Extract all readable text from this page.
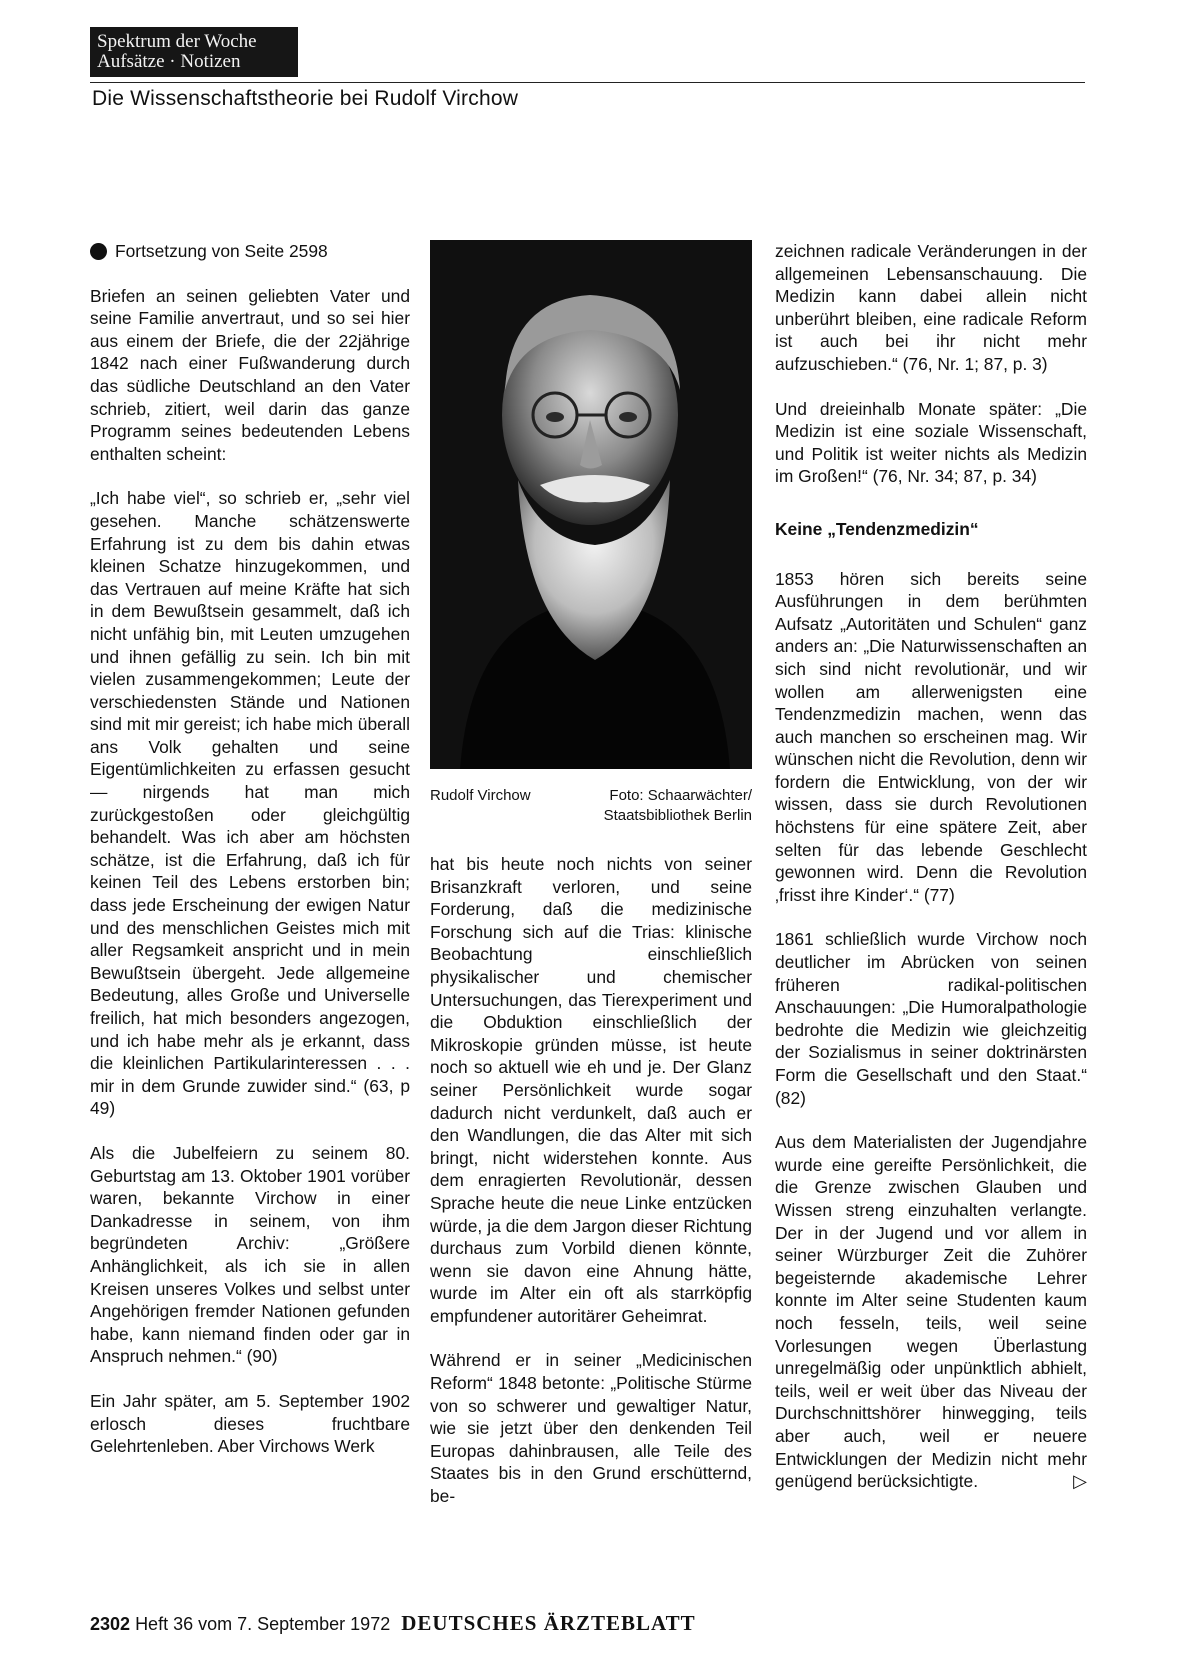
Spektrum der Woche
Aufsätze · Notizen
Die Wissenschaftstheorie bei Rudolf Virchow
Fortsetzung von Seite 2598

Briefen an seinen geliebten Vater und seine Familie anvertraut, und so sei hier aus einem der Briefe, die der 22jährige 1842 nach einer Fußwanderung durch das südliche Deutschland an den Vater schrieb, zitiert, weil darin das ganze Programm seines bedeutenden Lebens enthalten scheint:

„Ich habe viel“, so schrieb er, „sehr viel gesehen. Manche schätzenswerte Erfahrung ist zu dem bis dahin etwas kleinen Schatze hinzugekommen, und das Vertrauen auf meine Kräfte hat sich in dem Bewußtsein gesammelt, daß ich nicht unfähig bin, mit Leuten umzugehen und ihnen gefällig zu sein. Ich bin mit vielen zusammengekommen; Leute der verschiedensten Stände und Nationen sind mit mir gereist; ich habe mich überall ans Volk gehalten und seine Eigentümlichkeiten zu erfassen gesucht — nirgends hat man mich zurückgestoßen oder gleichgültig behandelt. Was ich aber am höchsten schätze, ist die Erfahrung, daß ich für keinen Teil des Lebens erstorben bin; dass jede Erscheinung der ewigen Natur und des menschlichen Geistes mich mit aller Regsamkeit anspricht und in mein Bewußtsein übergeht. Jede allgemeine Bedeutung, alles Große und Universelle freilich, hat mich besonders angezogen, und ich habe mehr als je erkannt, dass die kleinlichen Partikularinteressen . . . mir in dem Grunde zuwider sind.“ (63, p 49)

Als die Jubelfeiern zu seinem 80. Geburtstag am 13. Oktober 1901 vorüber waren, bekannte Virchow in einer Dankadresse in seinem, von ihm begründeten Archiv: „Größere Anhänglichkeit, als ich sie in allen Kreisen unseres Volkes und selbst unter Angehörigen fremder Nationen gefunden habe, kann niemand finden oder gar in Anspruch nehmen.“ (90)

Ein Jahr später, am 5. September 1902 erlosch dieses fruchtbare Gelehrtenleben. Aber Virchows Werk

Rudolf Virchow	Foto: Schaarwächter/
Staatsbibliothek Berlin

hat bis heute noch nichts von seiner Brisanzkraft verloren, und seine Forderung, daß die medizinische Forschung sich auf die Trias: klinische Beobachtung einschließlich physikalischer und chemischer Untersuchungen, das Tierexperiment und die Obduktion einschließlich der Mikroskopie gründen müsse, ist heute noch so aktuell wie eh und je. Der Glanz seiner Persönlichkeit wurde sogar dadurch nicht verdunkelt, daß auch er den Wandlungen, die das Alter mit sich bringt, nicht widerstehen konnte. Aus dem enragierten Revolutionär, dessen Sprache heute die neue Linke entzücken würde, ja die dem Jargon dieser Richtung durchaus zum Vorbild dienen könnte, wenn sie davon eine Ahnung hätte, wurde im Alter ein oft als starrköpfig empfundener autoritärer Geheimrat.

Während er in seiner „Medicinischen Reform“ 1848 betonte: „Politische Stürme von so schwerer und gewaltiger Natur, wie sie jetzt über den denkenden Teil Europas dahinbrausen, alle Teile des Staates bis in den Grund erschütternd, be-

zeichnen radicale Veränderungen in der allgemeinen Lebensanschauung. Die Medizin kann dabei allein nicht unberührt bleiben, eine radicale Reform ist auch bei ihr nicht mehr aufzuschieben.“ (76, Nr. 1; 87, p. 3)

Und dreieinhalb Monate später: „Die Medizin ist eine soziale Wissenschaft, und Politik ist weiter nichts als Medizin im Großen!“ (76, Nr. 34; 87, p. 34)

Keine „Tendenzmedizin“

1853 hören sich bereits seine Ausführungen in dem berühmten Aufsatz „Autoritäten und Schulen“ ganz anders an: „Die Naturwissenschaften an sich sind nicht revolutionär, und wir wollen am allerwenigsten eine Tendenzmedizin machen, wenn das auch manchen so erscheinen mag. Wir wünschen nicht die Revolution, denn wir fordern die Entwicklung, von der wir wissen, dass sie durch Revolutionen höchstens für eine spätere Zeit, aber selten für das lebende Geschlecht gewonnen wird. Denn die Revolution ‚frisst ihre Kinder‘.“ (77)

1861 schließlich wurde Virchow noch deutlicher im Abrücken von seinen früheren radikal-politischen Anschauungen: „Die Humoralpathologie bedrohte die Medizin wie gleichzeitig der Sozialismus in seiner doktrinärsten Form die Gesellschaft und den Staat.“ (82)

Aus dem Materialisten der Jugendjahre wurde eine gereifte Persönlichkeit, die die Grenze zwischen Glauben und Wissen streng einzuhalten verlangte. Der in der Jugend und vor allem in seiner Würzburger Zeit die Zuhörer begeisternde akademische Lehrer konnte im Alter seine Studenten kaum noch fesseln, teils, weil seine Vorlesungen wegen Überlastung unregelmäßig oder unpünktlich abhielt, teils, weil er weit über das Niveau der Durchschnittshörer hinwegging, teils aber auch, weil er neuere Entwicklungen der Medizin nicht mehr genügend berücksichtigte.	▷

2302 Heft 36 vom 7. September 1972 DEUTSCHES ÄRZTEBLATT
